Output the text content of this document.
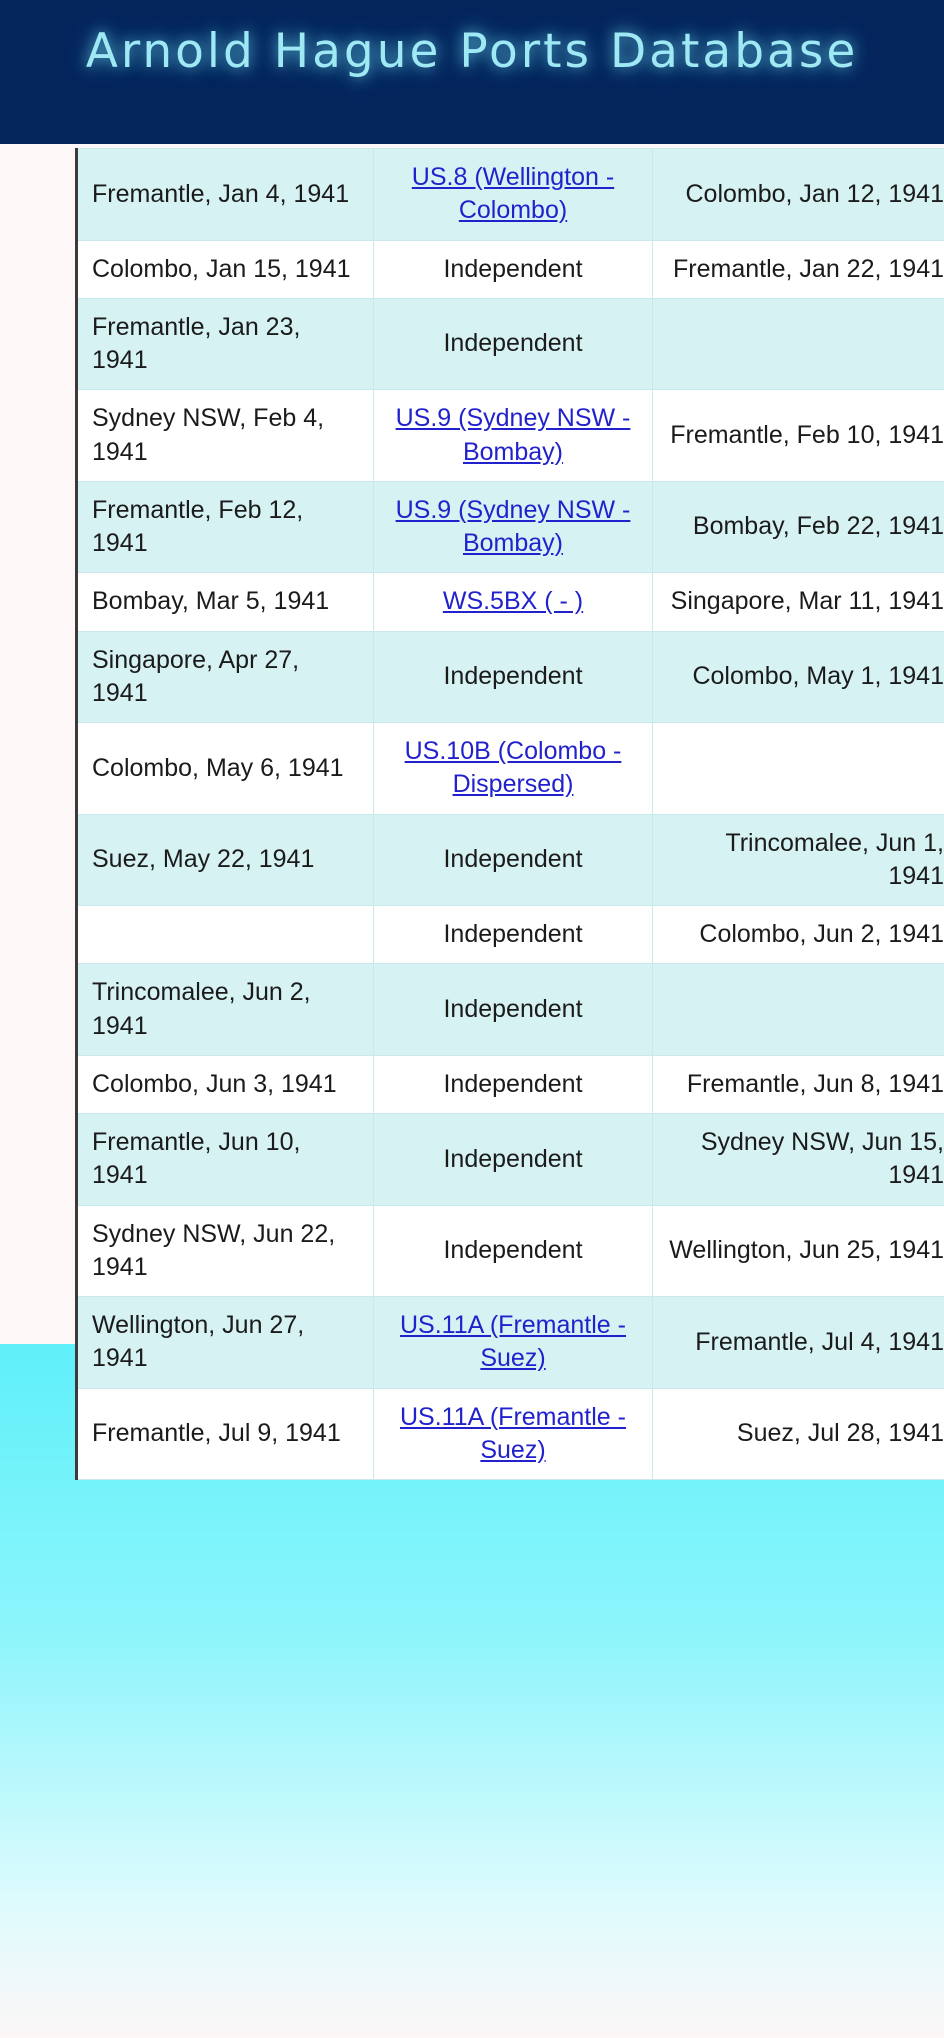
Arnold Hague Ports Database
Fremantle, Jan 4, 1941	US.8 (Wellington - Colombo)	Colombo, Jan 12, 1941
Colombo, Jan 15, 1941	Independent	Fremantle, Jan 22, 1941
Fremantle, Jan 23, 1941	Independent	
Sydney NSW, Feb 4, 1941	US.9 (Sydney NSW - Bombay)	Fremantle, Feb 10, 1941
Fremantle, Feb 12, 1941	US.9 (Sydney NSW - Bombay)	Bombay, Feb 22, 1941
Bombay, Mar 5, 1941	WS.5BX ( - )	Singapore, Mar 11, 1941
Singapore, Apr 27, 1941	Independent	Colombo, May 1, 1941
Colombo, May 6, 1941	US.10B (Colombo - Dispersed)	
Suez, May 22, 1941	Independent	Trincomalee, Jun 1, 1941
	Independent	Colombo, Jun 2, 1941
Trincomalee, Jun 2, 1941	Independent	
Colombo, Jun 3, 1941	Independent	Fremantle, Jun 8, 1941
Fremantle, Jun 10, 1941	Independent	Sydney NSW, Jun 15, 1941
Sydney NSW, Jun 22, 1941	Independent	Wellington, Jun 25, 1941
Wellington, Jun 27, 1941	US.11A (Fremantle - Suez)	Fremantle, Jul 4, 1941
Fremantle, Jul 9, 1941	US.11A (Fremantle - Suez)	Suez, Jul 28, 1941
